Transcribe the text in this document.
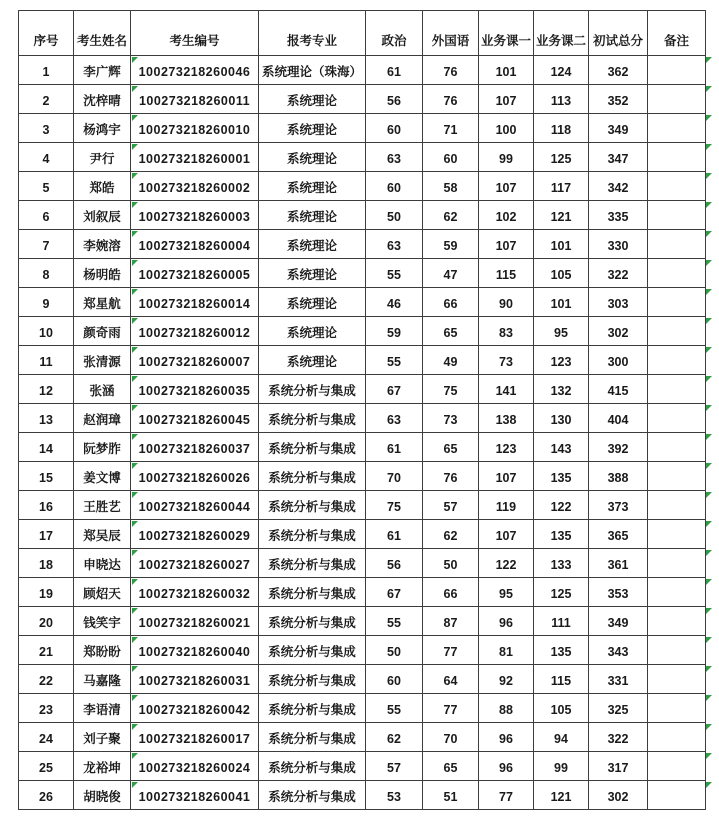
序号	考生姓名	考生编号	报考专业	政治	外国语	业务课一	业务课二	初试总分	备注
1	李广辉	100273218260046	系统理论（珠海）	61	76	101	124	362	
2	沈梓晴	100273218260011	系统理论	56	76	107	113	352	
3	杨鸿宇	100273218260010	系统理论	60	71	100	118	349	
4	尹行	100273218260001	系统理论	63	60	99	125	347	
5	郑皓	100273218260002	系统理论	60	58	107	117	342	
6	刘叙辰	100273218260003	系统理论	50	62	102	121	335	
7	李婉溶	100273218260004	系统理论	63	59	107	101	330	
8	杨明皓	100273218260005	系统理论	55	47	115	105	322	
9	郑星航	100273218260014	系统理论	46	66	90	101	303	
10	颜奇雨	100273218260012	系统理论	59	65	83	95	302	
11	张清源	100273218260007	系统理论	55	49	73	123	300	
12	张涵	100273218260035	系统分析与集成	67	75	141	132	415	
13	赵润璋	100273218260045	系统分析与集成	63	73	138	130	404	
14	阮梦胙	100273218260037	系统分析与集成	61	65	123	143	392	
15	姜文博	100273218260026	系统分析与集成	70	76	107	135	388	
16	王胜艺	100273218260044	系统分析与集成	75	57	119	122	373	
17	郑吴辰	100273218260029	系统分析与集成	61	62	107	135	365	
18	申晓达	100273218260027	系统分析与集成	56	50	122	133	361	
19	顾炤天	100273218260032	系统分析与集成	67	66	95	125	353	
20	钱笑宇	100273218260021	系统分析与集成	55	87	96	111	349	
21	郑盼盼	100273218260040	系统分析与集成	50	77	81	135	343	
22	马嘉隆	100273218260031	系统分析与集成	60	64	92	115	331	
23	李语清	100273218260042	系统分析与集成	55	77	88	105	325	
24	刘子聚	100273218260017	系统分析与集成	62	70	96	94	322	
25	龙裕坤	100273218260024	系统分析与集成	57	65	96	99	317	
26	胡晓俊	100273218260041	系统分析与集成	53	51	77	121	302	
